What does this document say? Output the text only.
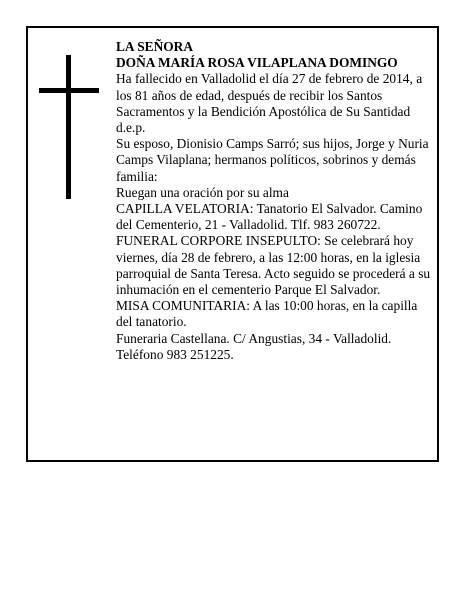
LA SEÑORA

DOÑA MARÍA ROSA VILAPLANA DOMINGO

Ha fallecido en Valladolid el día 27 de febrero de 2014, a los 81 años de edad, después de recibir los Santos Sacramentos y la Bendición Apostólica de Su Santidad d.e.p.

Su esposo, Dionisio Camps Sarró; sus hijos, Jorge y Nuria Camps Vilaplana; hermanos políticos, sobrinos y demás familia:

Ruegan una oración por su alma

CAPILLA VELATORIA: Tanatorio El Salvador. Camino del Cementerio, 21 - Valladolid. Tlf. 983 260722.

FUNERAL CORPORE INSEPULTO: Se celebrará hoy viernes, día 28 de febrero, a las 12:00 horas, en la iglesia parroquial de Santa Teresa. Acto seguido se procederá a su inhumación en el cementerio Parque El Salvador.

MISA COMUNITARIA: A las 10:00 horas, en la capilla del tanatorio.

Funeraria Castellana. C/ Angustias, 34 - Valladolid. Teléfono 983 251225.
